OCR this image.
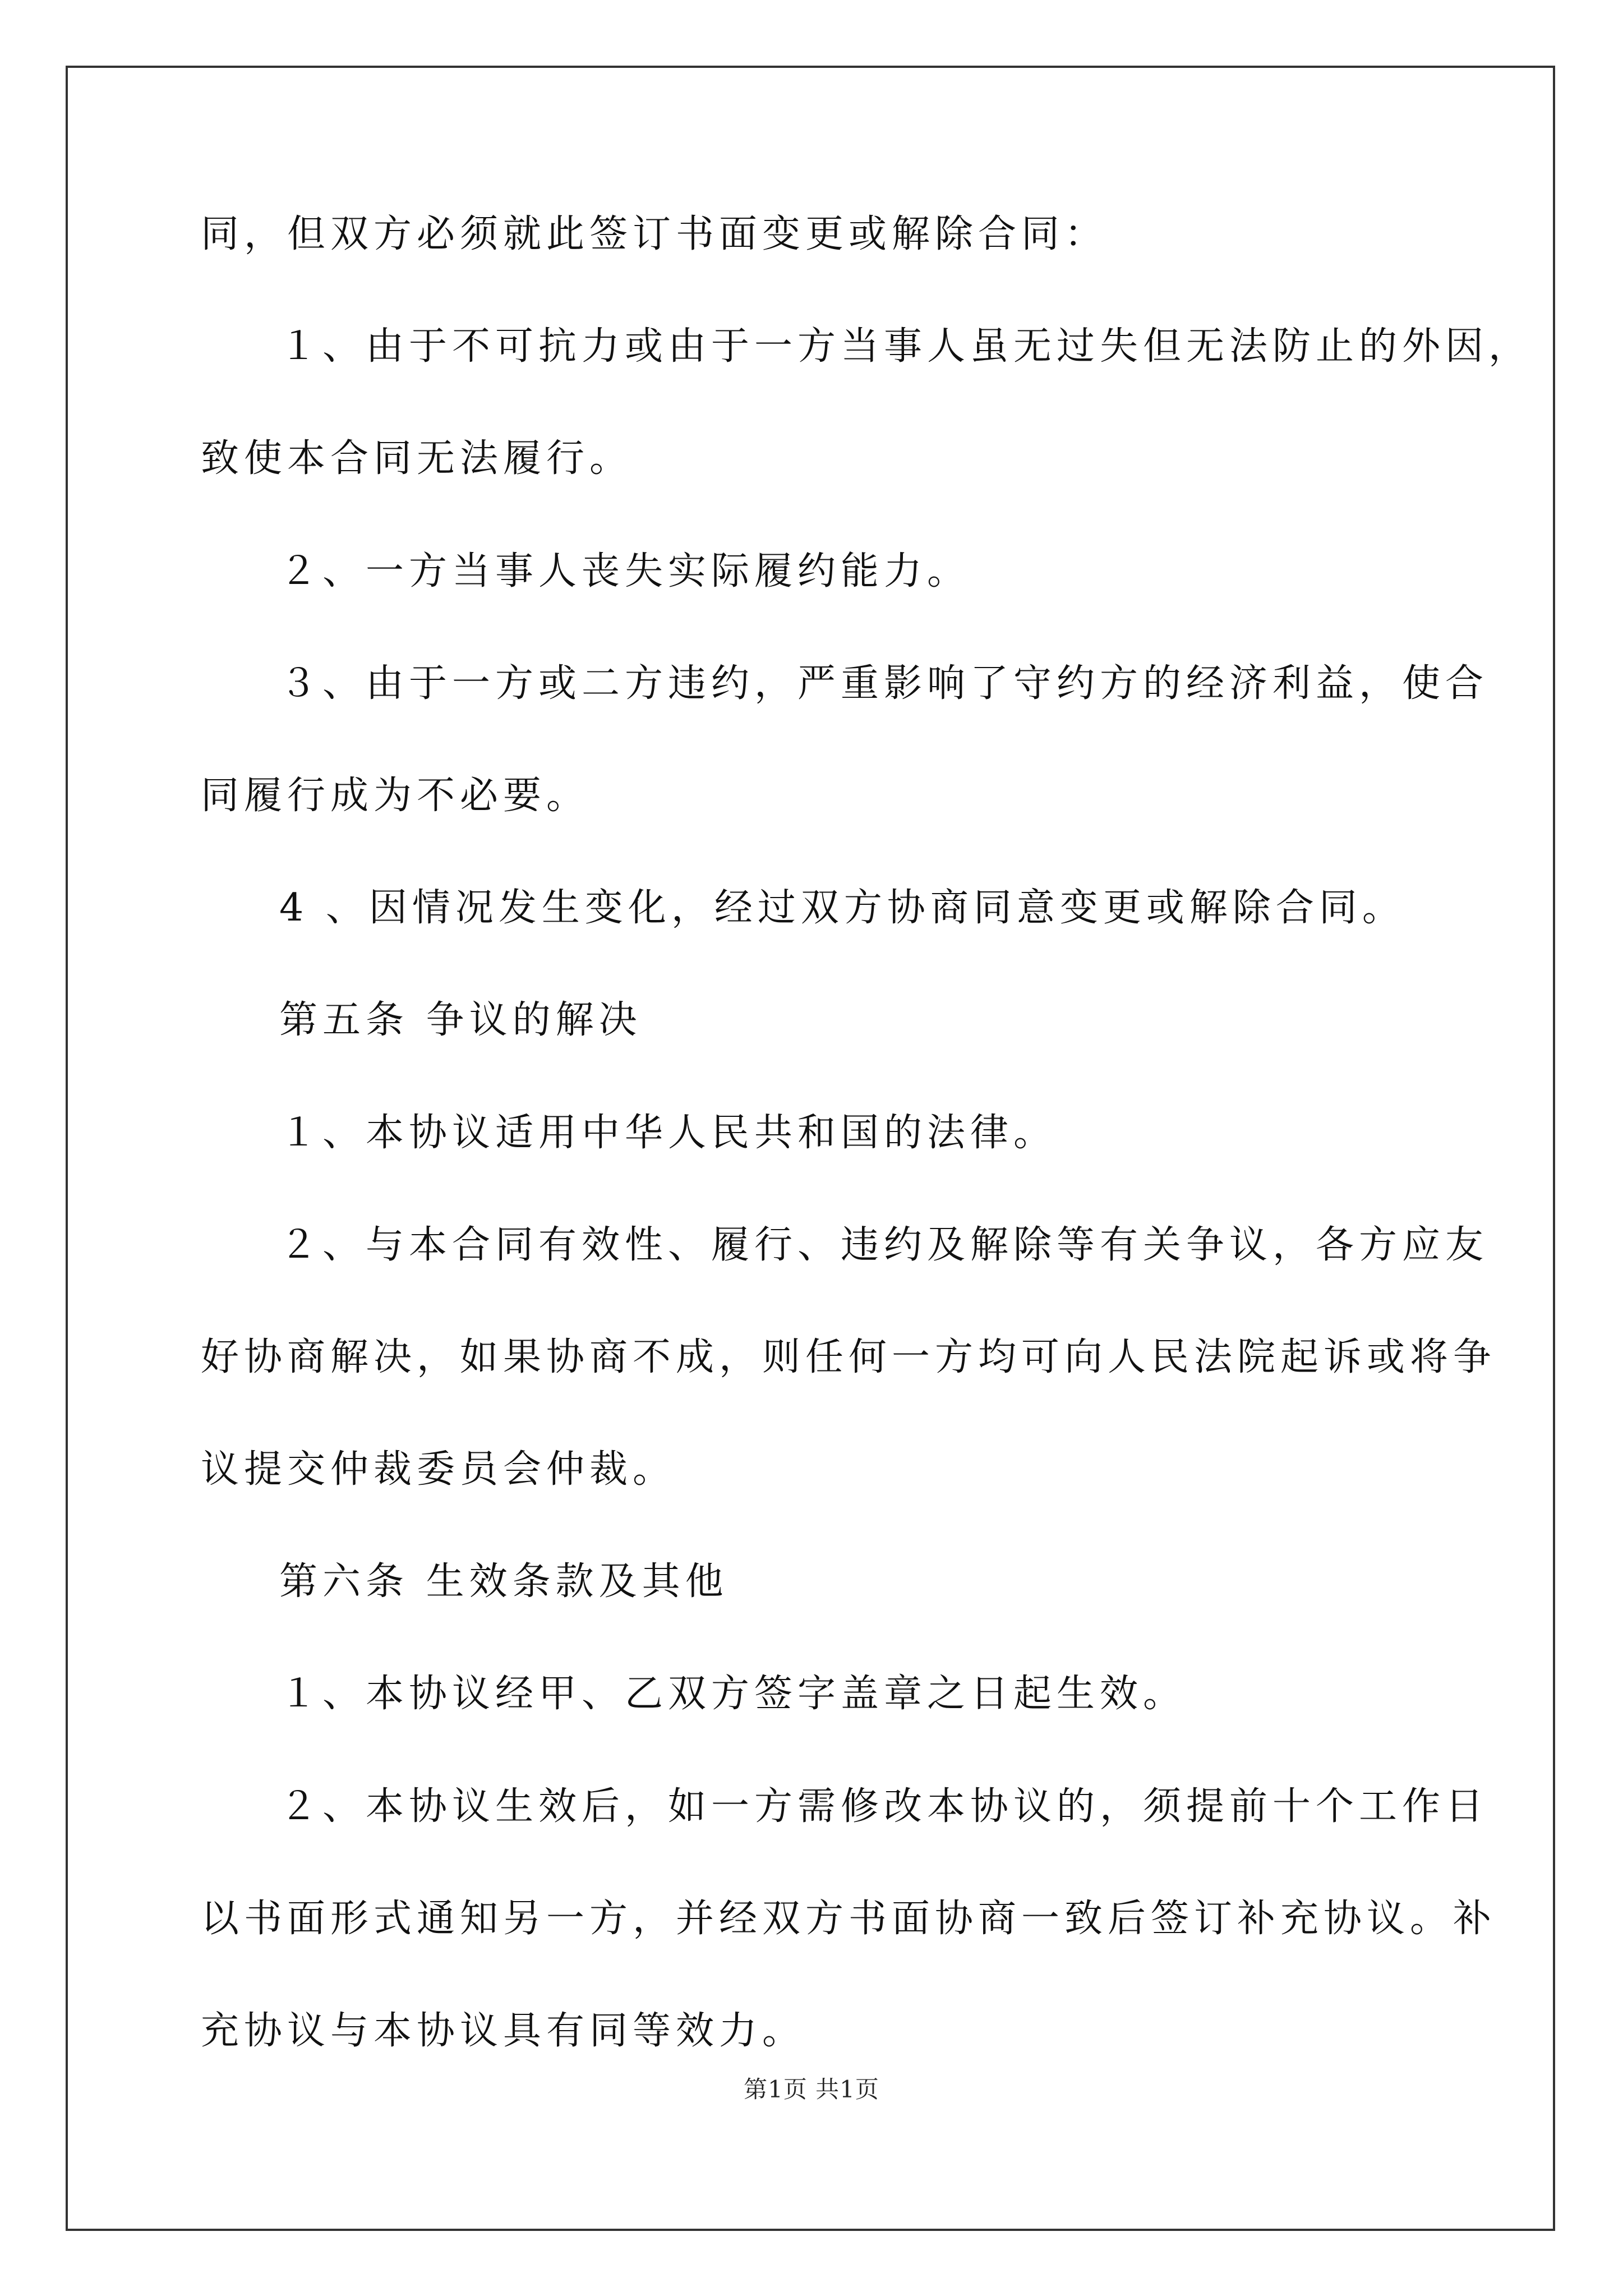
同，但双方必须就此签订书面变更或解除合同：
１、由于不可抗力或由于一方当事人虽无过失但无法防止的外因，
致使本合同无法履行。
２、一方当事人丧失实际履约能力。
３、由于一方或二方违约，严重影响了守约方的经济利益，使合
同履行成为不必要。
4 、因情况发生变化，经过双方协商同意变更或解除合同。
第五条 争议的解决
１、本协议适用中华人民共和国的法律。
２、与本合同有效性、履行、违约及解除等有关争议，各方应友
好协商解决，如果协商不成，则任何一方均可向人民法院起诉或将争
议提交仲裁委员会仲裁。
第六条 生效条款及其他
１、本协议经甲、乙双方签字盖章之日起生效。
２、本协议生效后，如一方需修改本协议的，须提前十个工作日
以书面形式通知另一方，并经双方书面协商一致后签订补充协议。补
充协议与本协议具有同等效力。
第1页 共1页
